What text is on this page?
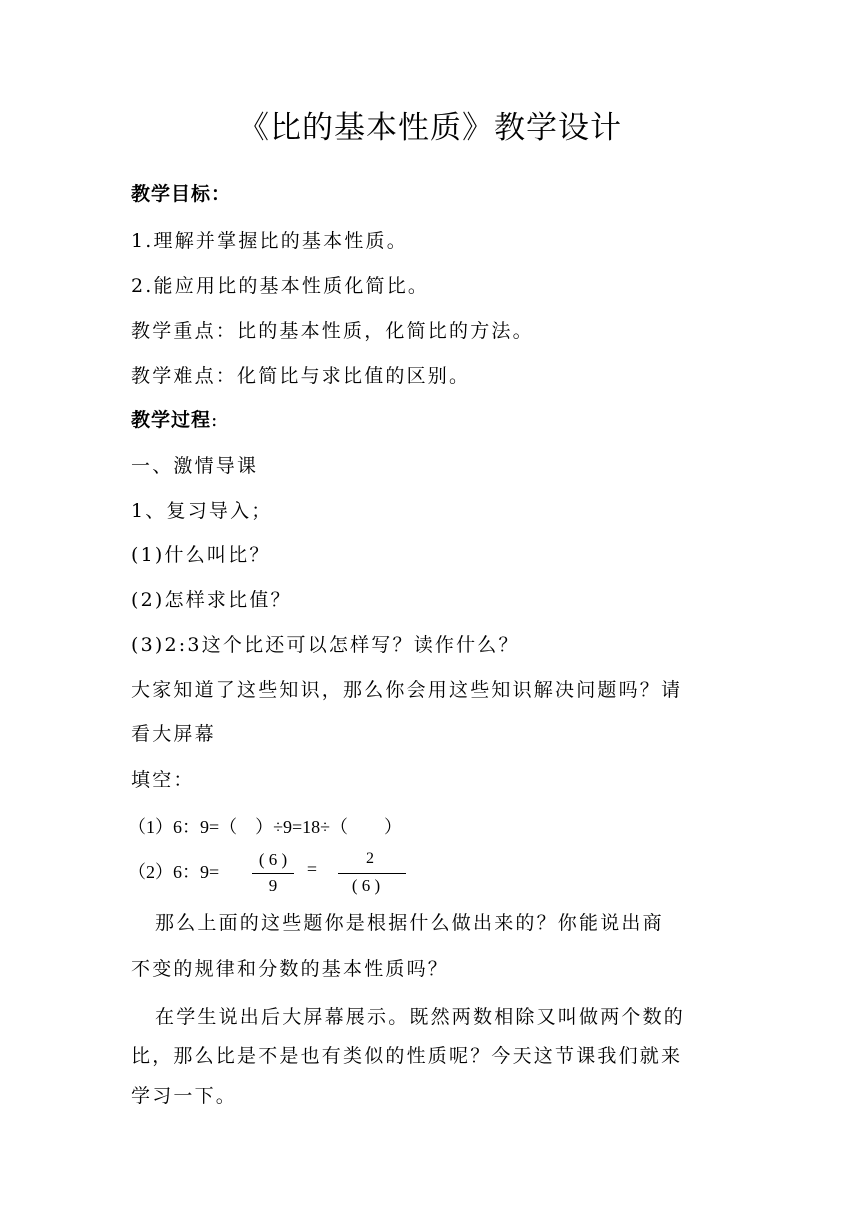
《比的基本性质》教学设计
教学目标：
1.理解并掌握比的基本性质。
2.能应用比的基本性质化简比。
教学重点：比的基本性质，化简比的方法。
教学难点：化简比与求比值的区别。
教学过程:
一、激情导课
1、复习导入；
(1)什么叫比？
(2)怎样求比值？
(3)2:3这个比还可以怎样写？读作什么？
大家知道了这些知识，那么你会用这些知识解决问题吗？请
看大屏幕
填空：
（1）6：9=（　）÷9=18÷（　　）
（2）6：9=
( 6 )
9
=
2
( 6 )
那么上面的这些题你是根据什么做出来的？你能说出商
不变的规律和分数的基本性质吗？
在学生说出后大屏幕展示。既然两数相除又叫做两个数的
比，那么比是不是也有类似的性质呢？今天这节课我们就来
学习一下。
